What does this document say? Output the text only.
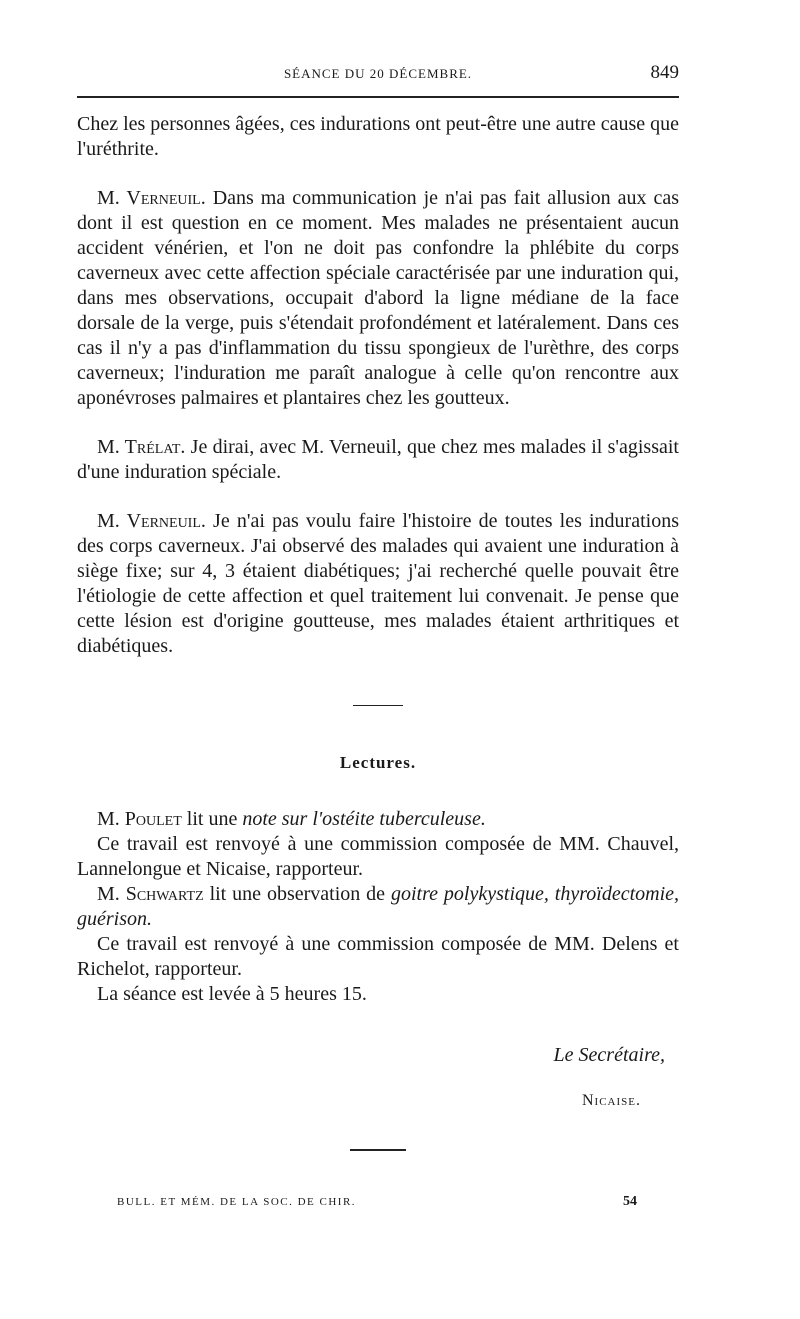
SÉANCE DU 20 DÉCEMBRE.	849

Chez les personnes âgées, ces indurations ont peut-être une autre cause que l'uréthrite.

M. Verneuil. Dans ma communication je n'ai pas fait allusion aux cas dont il est question en ce moment. Mes malades ne présentaient aucun accident vénérien, et l'on ne doit pas confondre la phlébite du corps caverneux avec cette affection spéciale caractérisée par une induration qui, dans mes observations, occupait d'abord la ligne médiane de la face dorsale de la verge, puis s'étendait profondément et latéralement. Dans ces cas il n'y a pas d'inflammation du tissu spongieux de l'urèthre, des corps caverneux; l'induration me paraît analogue à celle qu'on rencontre aux aponévroses palmaires et plantaires chez les goutteux.

M. Trélat. Je dirai, avec M. Verneuil, que chez mes malades il s'agissait d'une induration spéciale.

M. Verneuil. Je n'ai pas voulu faire l'histoire de toutes les indurations des corps caverneux. J'ai observé des malades qui avaient une induration à siège fixe; sur 4, 3 étaient diabétiques; j'ai recherché quelle pouvait être l'étiologie de cette affection et quel traitement lui convenait. Je pense que cette lésion est d'origine goutteuse, mes malades étaient arthritiques et diabétiques.

Lectures.

M. Poulet lit une note sur l'ostéite tuberculeuse.

Ce travail est renvoyé à une commission composée de MM. Chauvel, Lannelongue et Nicaise, rapporteur.

M. Schwartz lit une observation de goitre polykystique, thyroïdectomie, guérison.

Ce travail est renvoyé à une commission composée de MM. Delens et Richelot, rapporteur.

La séance est levée à 5 heures 15.

Le Secrétaire,
Nicaise.
BULL. ET MÉM. DE LA SOC. DE CHIR.	54
